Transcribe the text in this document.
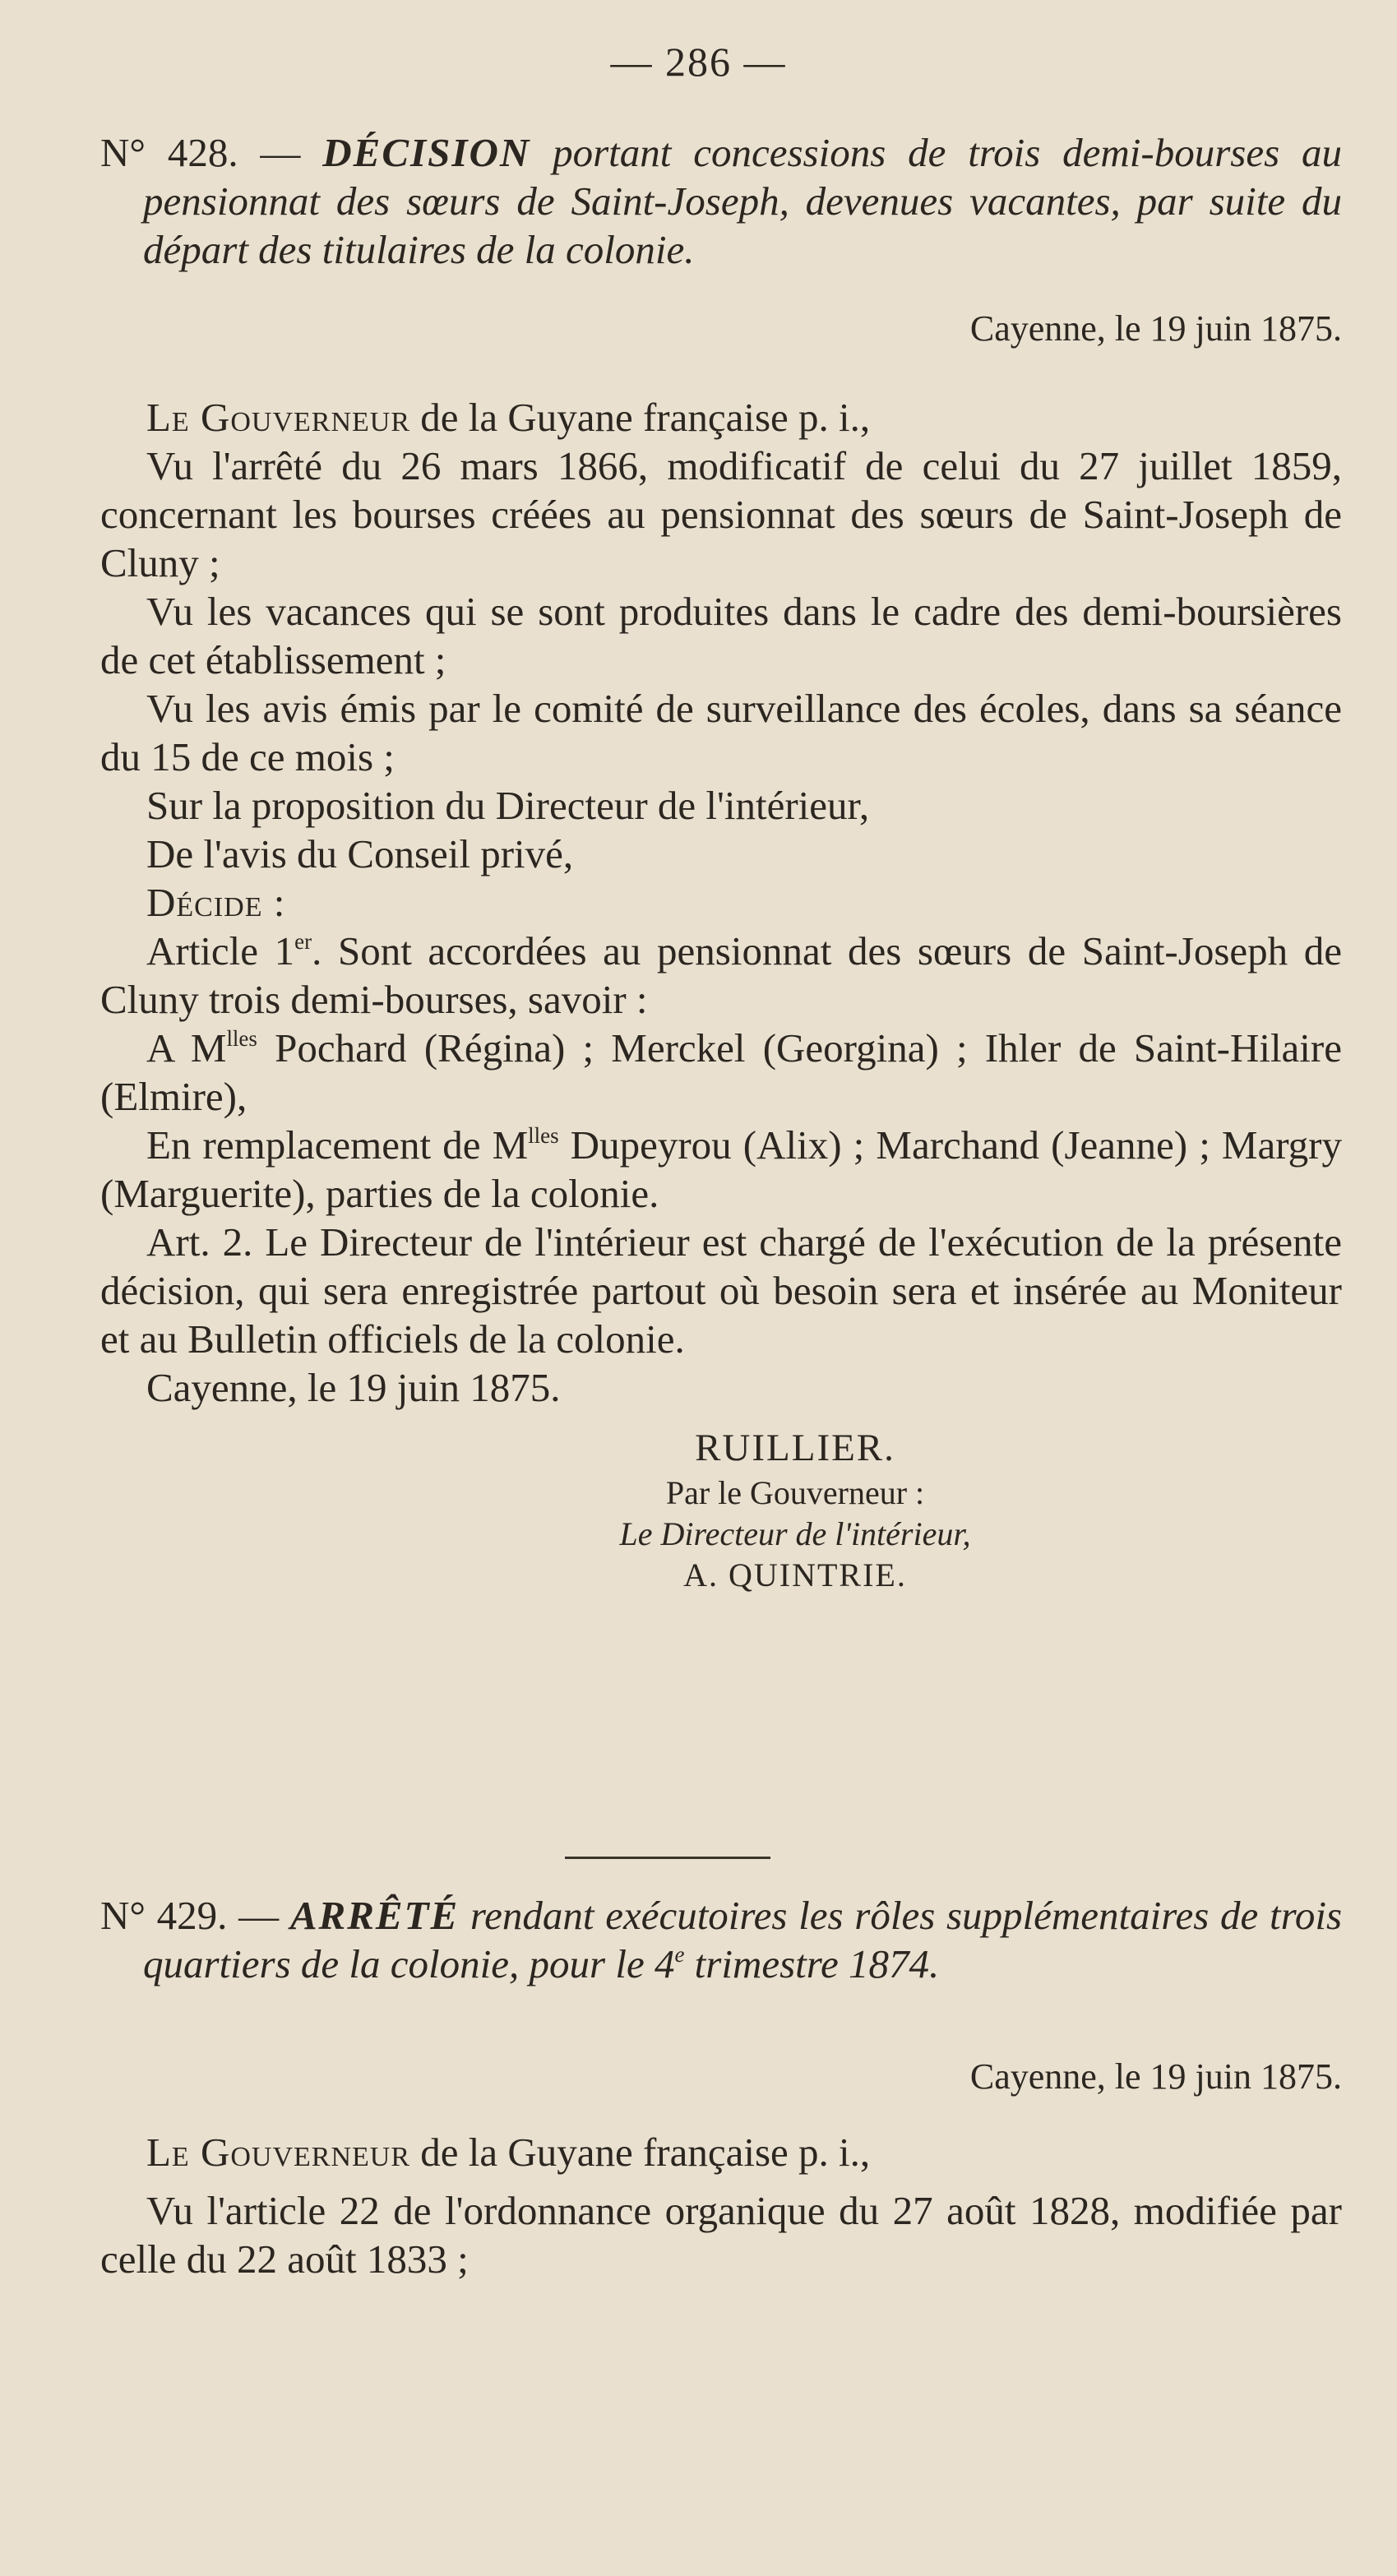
— 286 —
N° 428. — DÉCISION portant concessions de trois demi-bourses au pensionnat des sœurs de Saint-Joseph, devenues vacantes, par suite du départ des titulaires de la colonie.
Cayenne, le 19 juin 1875.

Le Gouverneur de la Guyane française p. i.,

Vu l'arrêté du 26 mars 1866, modificatif de celui du 27 juillet 1859, concernant les bourses créées au pensionnat des sœurs de Saint-Joseph de Cluny ;

Vu les vacances qui se sont produites dans le cadre des demi-boursières de cet établissement ;

Vu les avis émis par le comité de surveillance des écoles, dans sa séance du 15 de ce mois ;

Sur la proposition du Directeur de l'intérieur,

De l'avis du Conseil privé,

Décide :

Article 1er. Sont accordées au pensionnat des sœurs de Saint-Joseph de Cluny trois demi-bourses, savoir :

A $M^{lles}$ Pochard (Régina) ; Merckel (Georgina) ; Ihler de Saint-Hilaire (Elmire),

En remplacement de $M^{lles}$ Dupeyrou (Alix) ; Marchand (Jeanne) ; Margry (Marguerite), parties de la colonie.

Art. 2. Le Directeur de l'intérieur est chargé de l'exécution de la présente décision, qui sera enregistrée partout où besoin sera et insérée au Moniteur et au Bulletin officiels de la colonie.

Cayenne, le 19 juin 1875.

RUILLIER.
Par le Gouverneur :
Le Directeur de l'intérieur,
A. QUINTRIE.
N° 429. — ARRÊTÉ rendant exécutoires les rôles supplémentaires de trois quartiers de la colonie, pour le 4e trimestre 1874.
Cayenne, le 19 juin 1875.

Le Gouverneur de la Guyane française p. i.,

Vu l'article 22 de l'ordonnance organique du 27 août 1828, modifiée par celle du 22 août 1833 ;
